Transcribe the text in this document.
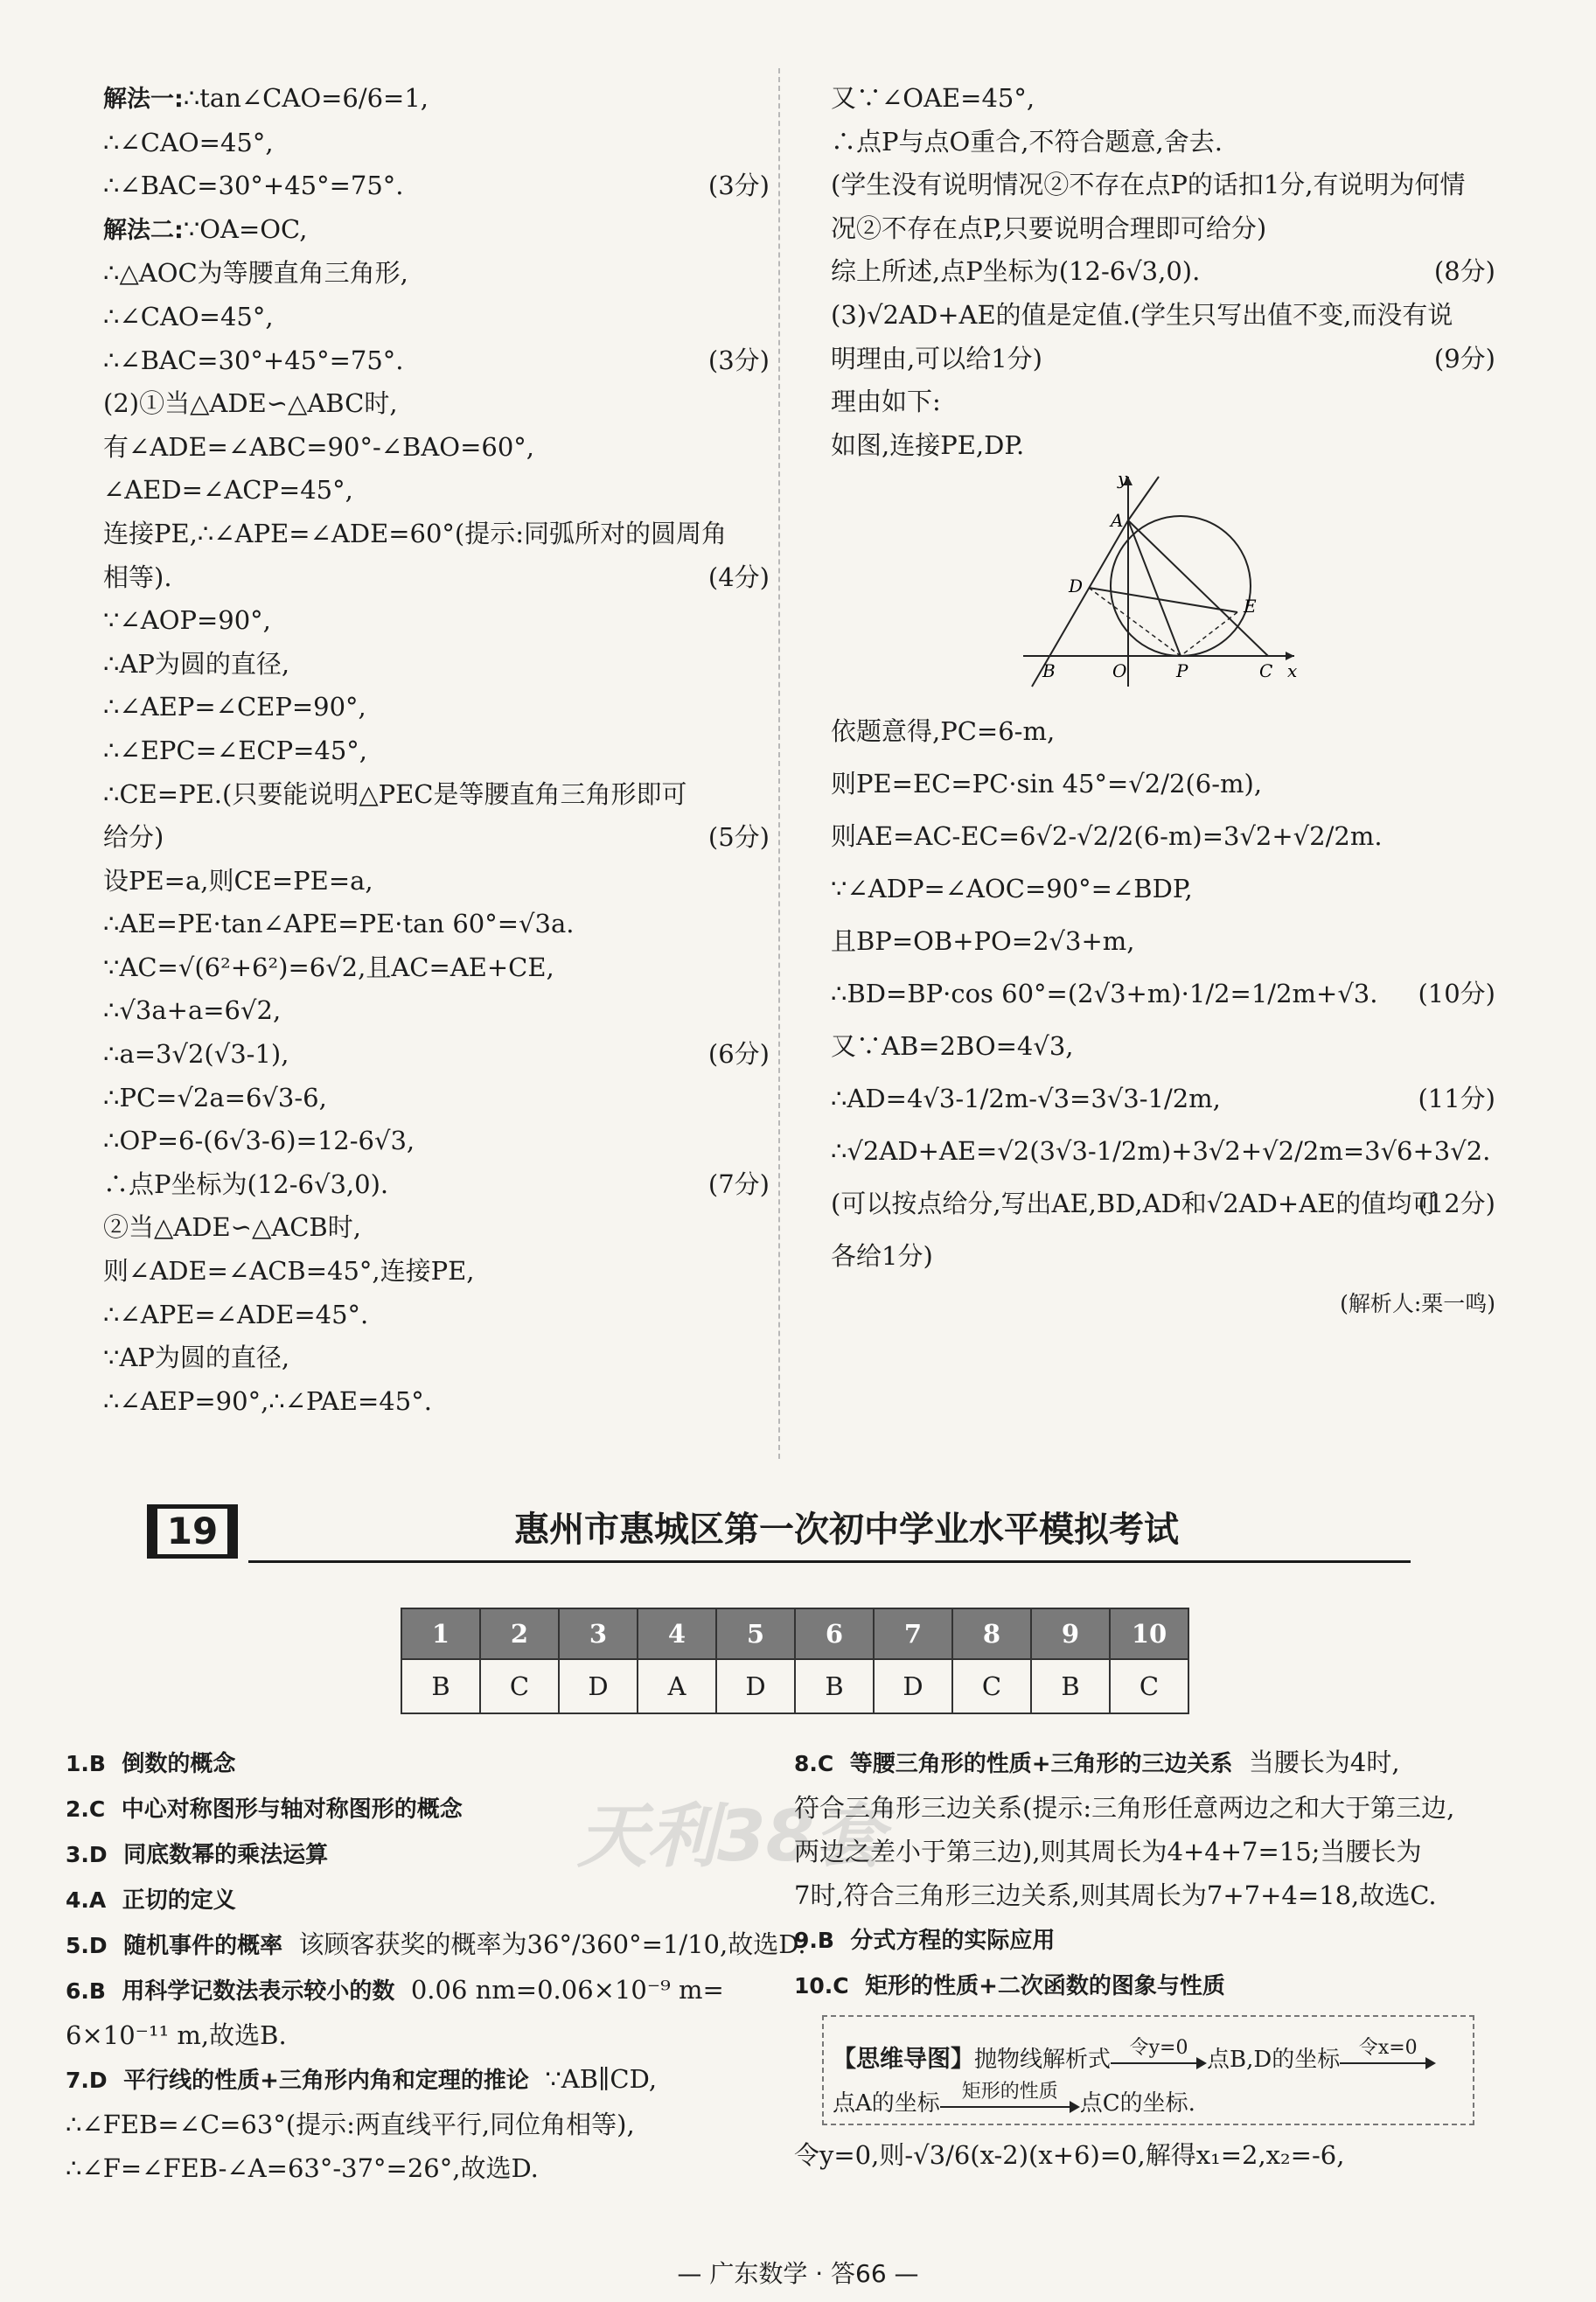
解法一:∴tan∠CAO=6/6=1,
∴∠CAO=45°,
∴∠BAC=30°+45°=75°.	(3分)
解法二:∵OA=OC,
∴△AOC为等腰直角三角形,
∴∠CAO=45°,
∴∠BAC=30°+45°=75°.	(3分)
(2)①当△ADE∽△ABC时,
有∠ADE=∠ABC=90°-∠BAO=60°,
∠AED=∠ACP=45°,
连接PE,∴∠APE=∠ADE=60°(提示:同弧所对的圆周角
相等).	(4分)
∵∠AOP=90°,
∴AP为圆的直径,
∴∠AEP=∠CEP=90°,
∴∠EPC=∠ECP=45°,
∴CE=PE.(只要能说明△PEC是等腰直角三角形即可
给分)	(5分)
设PE=a,则CE=PE=a,
∴AE=PE·tan∠APE=PE·tan 60°=√3a.
∵AC=√(6²+6²)=6√2,且AC=AE+CE,
∴√3a+a=6√2,
∴a=3√2(√3-1),	(6分)
∴PC=√2a=6√3-6,
∴OP=6-(6√3-6)=12-6√3,
∴点P坐标为(12-6√3,0).	(7分)
②当△ADE∽△ACB时,
则∠ADE=∠ACB=45°,连接PE,
∴∠APE=∠ADE=45°.
∵AP为圆的直径,
∴∠AEP=90°,∴∠PAE=45°.
又∵∠OAE=45°,
∴点P与点O重合,不符合题意,舍去.
(学生没有说明情况②不存在点P的话扣1分,有说明为何情
况②不存在点P,只要说明合理即可给分)
综上所述,点P坐标为(12-6√3,0).	(8分)
(3)√2AD+AE的值是定值.(学生只写出值不变,而没有说
明理由,可以给1分)	(9分)
理由如下:
如图,连接PE,DP.
y
x
A
D
E
B	O	P	C
依题意得,PC=6-m,
则PE=EC=PC·sin 45°=√2/2(6-m),
则AE=AC-EC=6√2-√2/2(6-m)=3√2+√2/2m.
∵∠ADP=∠AOC=90°=∠BDP,
且BP=OB+PO=2√3+m,
∴BD=BP·cos 60°=(2√3+m)·1/2=1/2m+√3. (10分)
又∵AB=2BO=4√3,
∴AD=4√3-1/2m-√3=3√3-1/2m,	(11分)
∴√2AD+AE=√2(3√3-1/2m)+3√2+√2/2m=3√6+3√2.
(12分)
(可以按点给分,写出AE,BD,AD和√2AD+AE的值均可
各给1分)
(解析人:栗一鸣)
19	惠州市惠城区第一次初中学业水平模拟考试
1	2	3	4	5	6	7	8	9	10
B	C	D	A	D	B	D	C	B	C
天利38套
1.B 倒数的概念
2.C 中心对称图形与轴对称图形的概念
3.D 同底数幂的乘法运算
4.A 正切的定义
5.D 随机事件的概率 该顾客获奖的概率为36°/360°=1/10,故选D.
6.B 用科学记数法表示较小的数 0.06 nm=0.06×10⁻⁹ m=
6×10⁻¹¹ m,故选B.
7.D 平行线的性质+三角形内角和定理的推论 ∵AB∥CD,
∴∠FEB=∠C=63°(提示:两直线平行,同位角相等),
∴∠F=∠FEB-∠A=63°-37°=26°,故选D.
8.C 等腰三角形的性质+三角形的三边关系 当腰长为4时,
符合三角形三边关系(提示:三角形任意两边之和大于第三边,
两边之差小于第三边),则其周长为4+4+7=15;当腰长为
7时,符合三角形三边关系,则其周长为7+7+4=18,故选C.
9.B 分式方程的实际应用
10.C 矩形的性质+二次函数的图象与性质
【思维导图】抛物线解析式 令y=0 点B,D的坐标 令x=0
点A的坐标	矩形的性质 点C的坐标.
令y=0,则-√3/6(x-2)(x+6)=0,解得x₁=2,x₂=-6,
— 广东数学 · 答66 —
